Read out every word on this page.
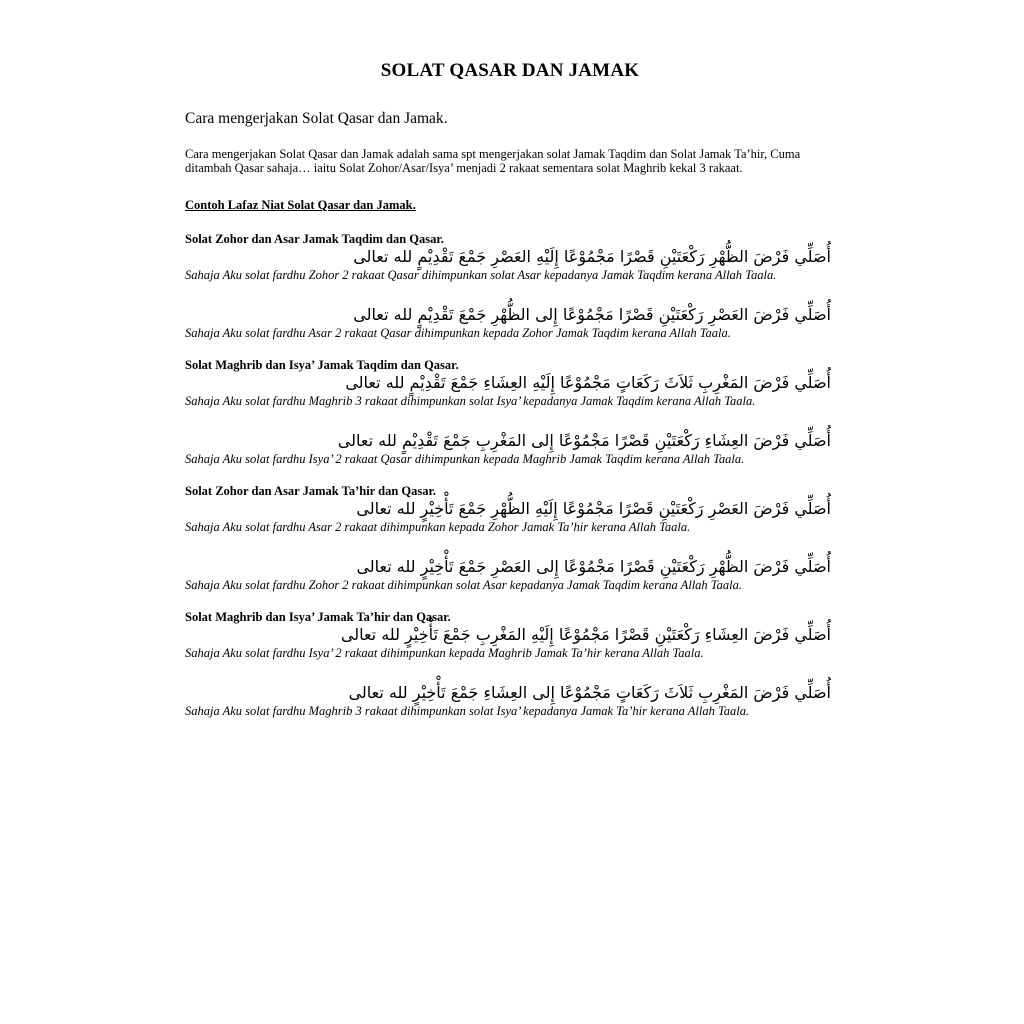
SOLAT QASAR DAN JAMAK
Cara mengerjakan Solat Qasar dan Jamak.
Cara mengerjakan Solat Qasar dan Jamak adalah sama spt mengerjakan solat Jamak Taqdim dan Solat Jamak Ta’hir, Cuma ditambah Qasar sahaja… iaitu Solat Zohor/Asar/Isya’ menjadi 2 rakaat sementara solat Maghrib kekal 3 rakaat.
Contoh Lafaz Niat Solat Qasar dan Jamak.
Solat Zohor dan Asar Jamak Taqdim dan Qasar.
أُصَلِّي فَرْضَ الظُّهْرِ رَكْعَتَيْنِ قَصْرًا مَجْمُوْعًا إِلَيْهِ العَصْرِ جَمْعَ تَقْدِيْمٍ لله تعالى
Sahaja Aku solat fardhu Zohor 2 rakaat Qasar dihimpunkan solat Asar kepadanya Jamak Taqdim kerana Allah Taala.
أُصَلِّي فَرْضَ العَصْرِ رَكْعَتَيْنِ قَصْرًا مَجْمُوْعًا إِلى الظُّهْرِ جَمْعَ تَقْدِيْمٍ لله تعالى
Sahaja Aku solat fardhu Asar 2 rakaat Qasar dihimpunkan kepada Zohor Jamak Taqdim kerana Allah Taala.
Solat Maghrib dan Isya’ Jamak Taqdim dan Qasar.
أُصَلِّي فَرْضَ المَغْرِبِ ثَلاَثَ رَكَعَاتٍ مَجْمُوْعًا إِلَيْهِ العِشَاءِ جَمْعَ تَقْدِيْمٍ لله تعالى
Sahaja Aku solat fardhu Maghrib 3 rakaat dihimpunkan solat Isya’ kepadanya Jamak Taqdim kerana Allah Taala.
أُصَلِّي فَرْضَ العِشَاءِ رَكْعَتَيْنِ قَصْرًا مَجْمُوْعًا إِلى المَغْرِبِ جَمْعَ تَقْدِيْمٍ لله تعالى
Sahaja Aku solat fardhu Isya’ 2 rakaat Qasar dihimpunkan kepada Maghrib Jamak Taqdim kerana Allah Taala.
Solat Zohor dan Asar Jamak Ta’hir dan Qasar.
أُصَلِّي فَرْضَ العَصْرِ رَكْعَتَيْنِ قَصْرًا مَجْمُوْعًا إِلَيْهِ الظُّهْرِ جَمْعَ تَأْخِيْرٍ لله تعالى
Sahaja Aku solat fardhu Asar 2 rakaat dihimpunkan kepada Zohor Jamak Ta’hir kerana Allah Taala.
أُصَلِّي فَرْضَ الظُّهْرِ رَكْعَتَيْنِ قَصْرًا مَجْمُوْعًا إِلى العَصْرِ جَمْعَ تَأْخِيْرٍ لله تعالى
Sahaja Aku solat fardhu Zohor 2 rakaat dihimpunkan solat Asar kepadanya Jamak Taqdim kerana Allah Taala.
Solat Maghrib dan Isya’ Jamak Ta’hir dan Qasar.
أُصَلِّي فَرْضَ العِشَاءِ رَكْعَتَيْنِ قَصْرًا مَجْمُوْعًا إِلَيْهِ المَغْرِبِ جَمْعَ تَأْخِيْرٍ لله تعالى
Sahaja Aku solat fardhu Isya’ 2 rakaat dihimpunkan kepada Maghrib Jamak Ta’hir kerana Allah Taala.
أُصَلِّي فَرْضَ المَغْرِبِ ثَلاَثَ رَكَعَاتٍ مَجْمُوْعًا إِلى العِشَاءِ جَمْعَ تَأْخِيْرٍ لله تعالى
Sahaja Aku solat fardhu Maghrib 3 rakaat dihimpunkan solat Isya’ kepadanya Jamak Ta’hir kerana Allah Taala.
